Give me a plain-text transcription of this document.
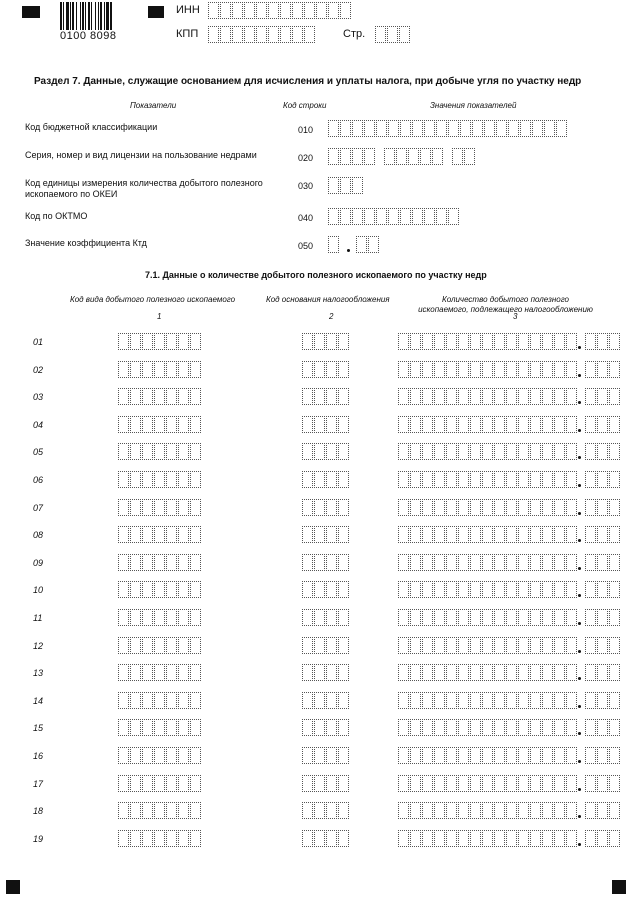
0100 8098
ИНН
КПП	Стр.
Раздел 7. Данные, служащие основанием для исчисления и уплаты налога, при добыче угля по участку недр
Показатели	Код строки	Значения показателей
Код бюджетной классификации	010
Серия, номер и вид лицензии на пользование недрами	020
Код единицы измерения количества добытого полезного ископаемого по ОКЕИ
030
Код по ОКТМО	040
Значение коэффициента Ктд	050
7.1. Данные о количестве добытого полезного ископаемого по участку недр
Код вида добытого полезного ископаемого
1
Код основания налогообложения
2
Количество добытого полезного ископаемого, подлежащего налогообложению
3
01
02
03
04
05
06
07
08
09
10
11
12
13
14
15
16
17
18
19
